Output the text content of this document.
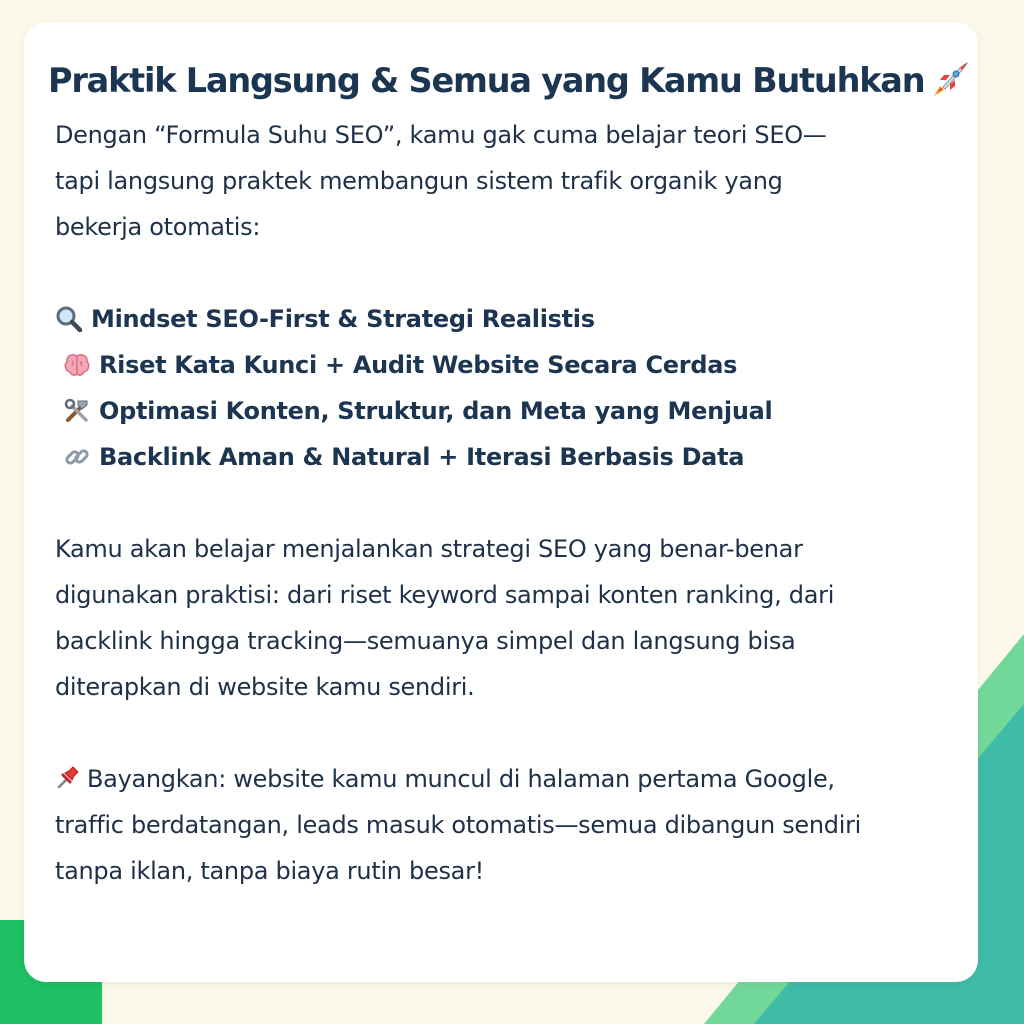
Praktik Langsung & Semua yang Kamu Butuhkan

Dengan “Formula Suhu SEO”, kamu gak cuma belajar teori SEO—

tapi langsung praktek membangun sistem trafik organik yang

bekerja otomatis:

Mindset SEO-First & Strategi Realistis
Riset Kata Kunci + Audit Website Secara Cerdas
Optimasi Konten, Struktur, dan Meta yang Menjual
Backlink Aman & Natural + Iterasi Berbasis Data

Kamu akan belajar menjalankan strategi SEO yang benar-benar

digunakan praktisi: dari riset keyword sampai konten ranking, dari

backlink hingga tracking—semuanya simpel dan langsung bisa

diterapkan di website kamu sendiri.

Bayangkan: website kamu muncul di halaman pertama Google,

traffic berdatangan, leads masuk otomatis—semua dibangun sendiri

tanpa iklan, tanpa biaya rutin besar!
